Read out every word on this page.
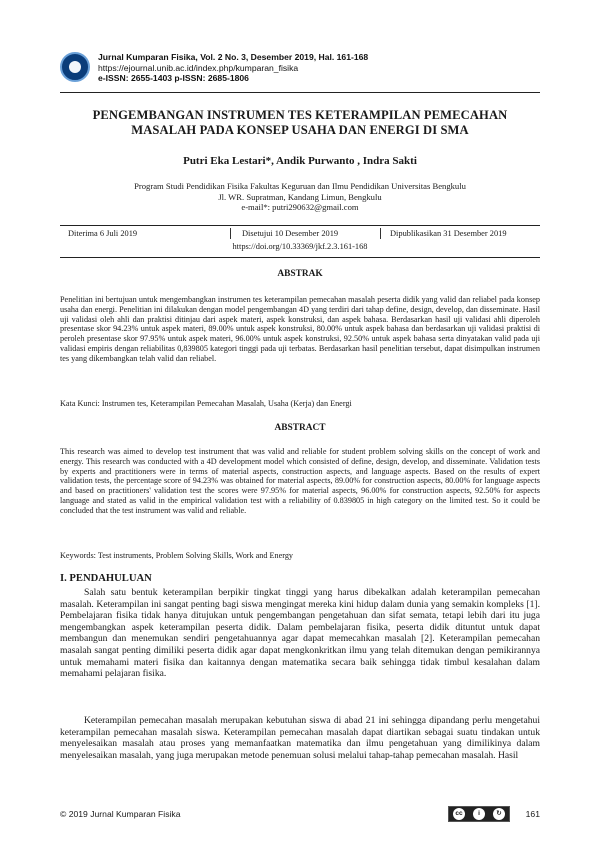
Jurnal Kumparan Fisika, Vol. 2 No. 3, Desember 2019, Hal. 161-168
https://ejournal.unib.ac.id/index.php/kumparan_fisika
e-ISSN: 2655-1403 p-ISSN: 2685-1806
PENGEMBANGAN INSTRUMEN TES KETERAMPILAN PEMECAHAN
MASALAH PADA KONSEP USAHA DAN ENERGI DI SMA
Putri Eka Lestari*, Andik Purwanto , Indra Sakti
Program Studi Pendidikan Fisika Fakultas Keguruan dan Ilmu Pendidikan Universitas Bengkulu
Jl. WR. Supratman, Kandang Limun, Bengkulu
e-mail*: putri290632@gmail.com
Diterima 6 Juli 2019	Disetujui 10 Desember 2019	Dipublikasikan 31 Desember 2019
https://doi.org/10.33369/jkf.2.3.161-168
ABSTRAK
Penelitian ini bertujuan untuk mengembangkan instrumen tes keterampilan pemecahan masalah peserta didik yang valid dan reliabel pada konsep usaha dan energi. Penelitian ini dilakukan dengan model pengembangan 4D yang terdiri dari tahap define, design, develop, dan disseminate. Hasil uji validasi oleh ahli dan praktisi ditinjau dari aspek materi, aspek konstruksi, dan aspek bahasa. Berdasarkan hasil uji validasi ahli diperoleh presentase skor 94.23% untuk aspek materi, 89.00% untuk aspek konstruksi, 80.00% untuk aspek bahasa dan berdasarkan uji validasi praktisi di peroleh presentase skor 97.95% untuk aspek materi, 96.00% untuk aspek konstruksi, 92.50% untuk aspek bahasa serta dinyatakan valid pada uji validasi empiris dengan reliabilitas 0,839805 kategori tinggi pada uji terbatas. Berdasarkan hasil penelitian tersebut, dapat disimpulkan instrumen tes yang dikembangkan telah valid dan reliabel.
Kata Kunci: Instrumen tes, Keterampilan Pemecahan Masalah, Usaha (Kerja) dan Energi
ABSTRACT
This research was aimed to develop test instrument that was valid and reliable for student problem solving skills on the concept of work and energy. This research was conducted with a 4D development model which consisted of define, design, develop, and disseminate. Validation tests by experts and practitioners were in terms of material aspects, construction aspects, and language aspects. Based on the results of expert validation tests, the percentage score of 94.23% was obtained for material aspects, 89.00% for construction aspects, 80.00% for language aspects and based on practitioners' validation test the scores were 97.95% for material aspects, 96.00% for construction aspects, 92.50% for aspects language and stated as valid in the empirical validation test with a reliability of 0.839805 in high category on the limited test. So it could be concluded that the test instrument was valid and reliable.
Keywords: Test instruments, Problem Solving Skills, Work and Energy
I. PENDAHULUAN
Salah satu bentuk keterampilan berpikir tingkat tinggi yang harus dibekalkan adalah keterampilan pemecahan masalah. Keterampilan ini sangat penting bagi siswa mengingat mereka kini hidup dalam dunia yang semakin kompleks [1]. Pembelajaran fisika tidak hanya ditujukan untuk pengembangan pengetahuan dan sifat semata, tetapi lebih dari itu juga mengembangkan aspek keterampilan peserta didik. Dalam pembelajaran fisika, peserta didik dituntut untuk dapat membangun dan menemukan sendiri pengetahuannya agar dapat memecahkan masalah [2]. Keterampilan pemecahan masalah sangat penting dimiliki peserta didik agar dapat mengkonkritkan ilmu yang telah ditemukan dengan pemikirannya untuk memahami materi fisika dan kaitannya dengan matematika secara baik sehingga tidak timbul kesalahan dalam memahami pelajaran fisika.
Keterampilan pemecahan masalah merupakan kebutuhan siswa di abad 21 ini sehingga dipandang perlu mengetahui keterampilan pemecahan masalah siswa. Keterampilan pemecahan masalah dapat diartikan sebagai suatu tindakan untuk menyelesaikan masalah atau proses yang memanfaatkan matematika dan ilmu pengetahuan yang dimilikinya dalam menyelesaikan masalah, yang juga merupakan metode penemuan solusi melalui tahap-tahap pemecahan masalah. Hasil
© 2019 Jurnal Kumparan Fisika	cc	i	↻	161
